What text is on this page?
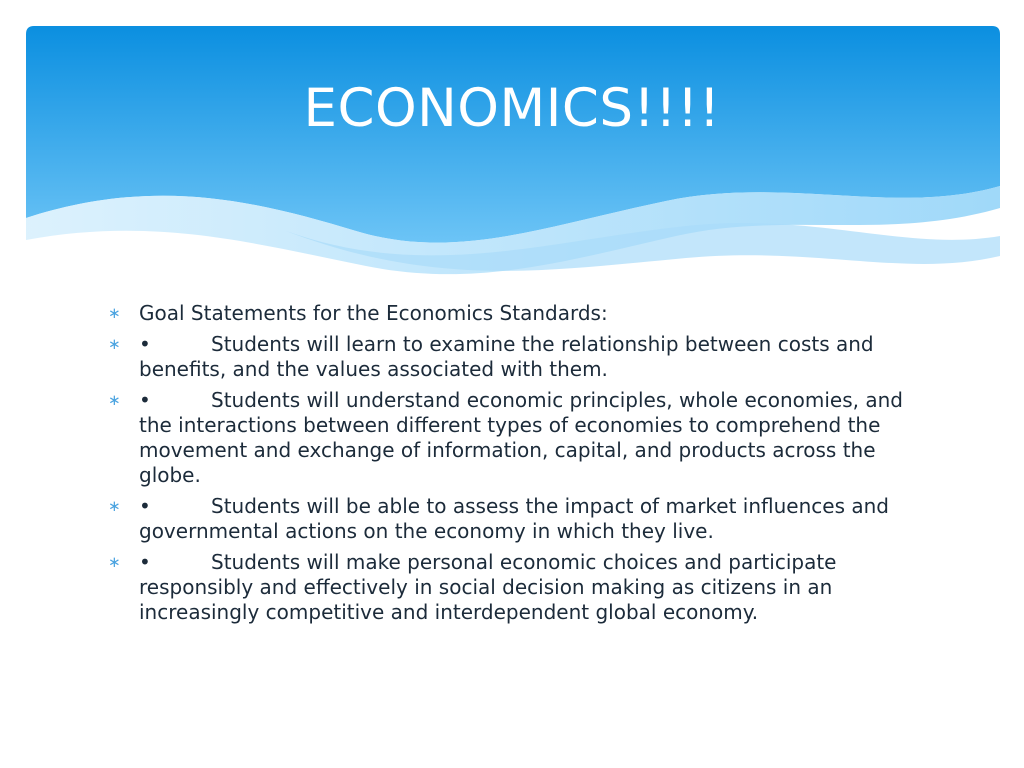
ECONOMICS!!!!
∗ Goal Statements for the Economics Standards:
∗ •	Students will learn to examine the relationship between costs and benefits, and the values associated with them.
∗ •	Students will understand economic principles, whole economies, and the interactions between different types of economies to comprehend the movement and exchange of information, capital, and products across the globe.
∗ •	Students will be able to assess the impact of market influences and governmental actions on the economy in which they live.
∗ •	Students will make personal economic choices and participate responsibly and effectively in social decision making as citizens in an increasingly competitive and interdependent global economy.
